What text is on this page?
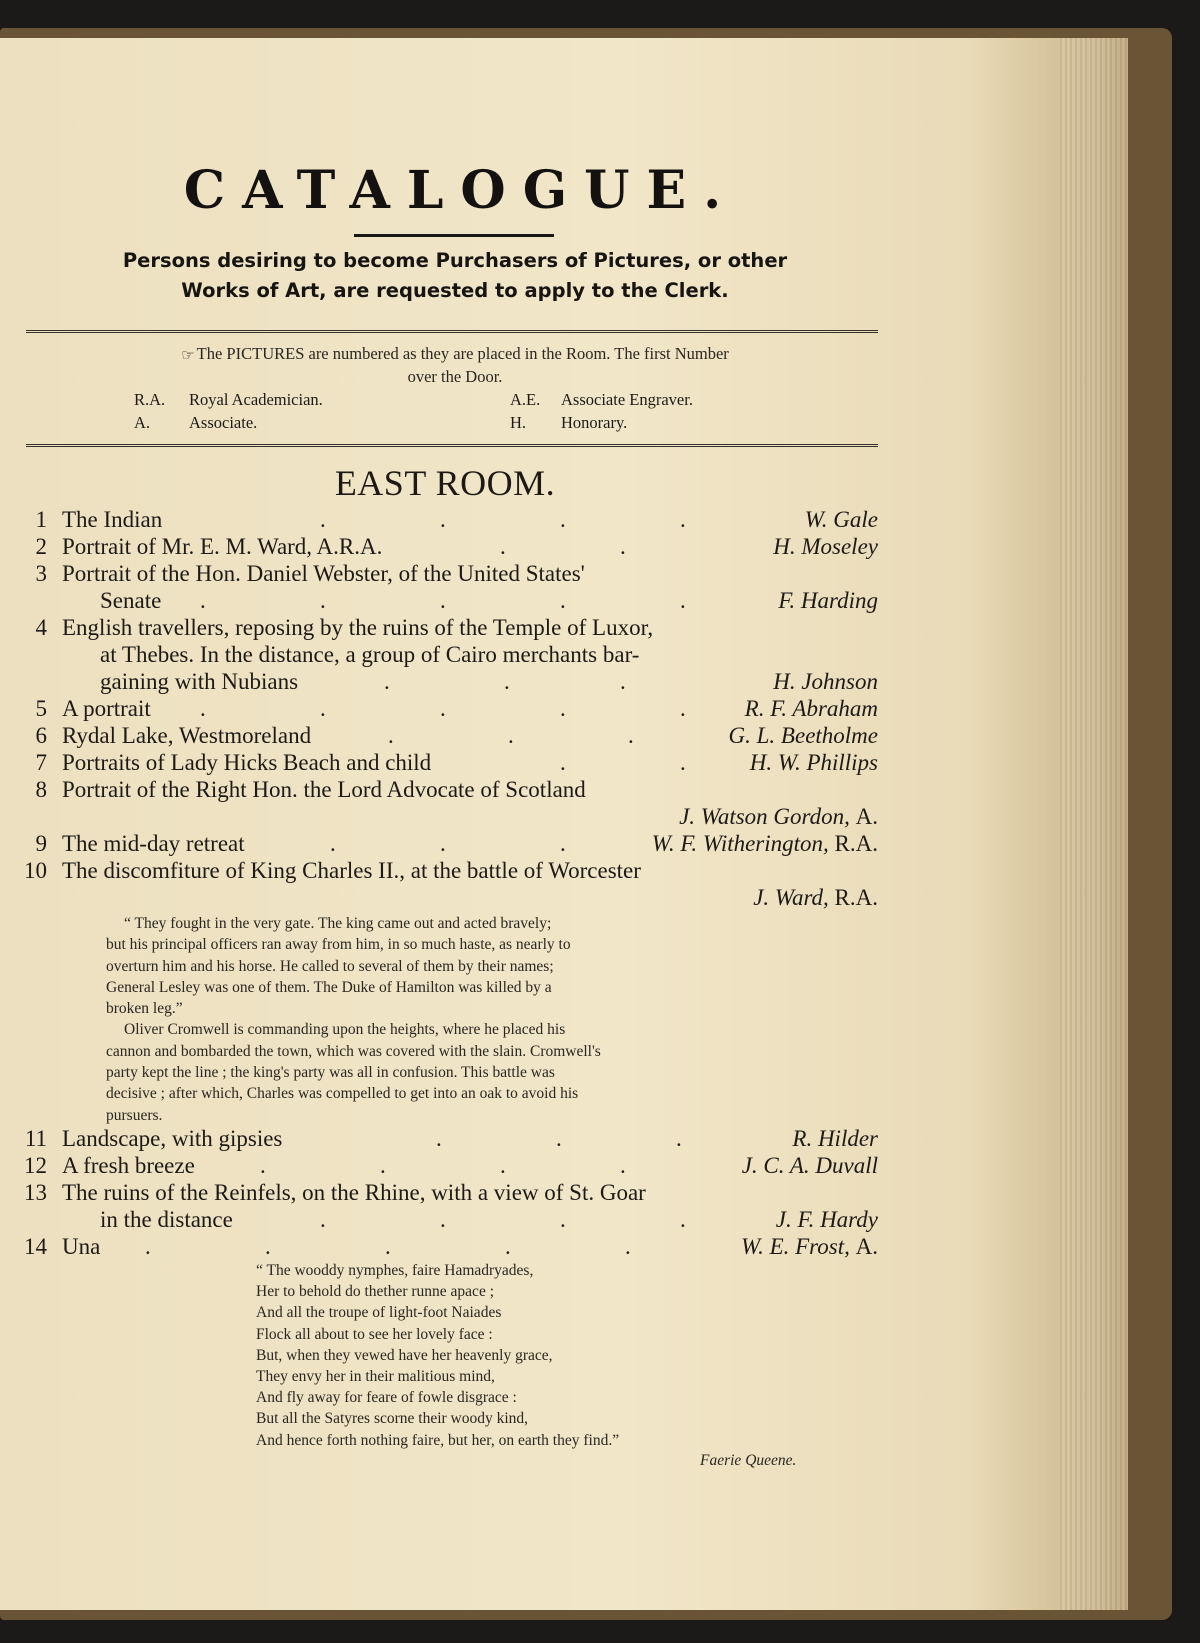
CATALOGUE.
Persons desiring to become Purchasers of Pictures, or other
Works of Art, are requested to apply to the Clerk.
☞ The PICTURES are numbered as they are placed in the Room. The first Number
over the Door.
R.A. Royal Academician.	A.E. Associate Engraver.
A. Associate.	H. Honorary.
EAST ROOM.
1 The Indian	.	.	.	.	W. Gale
2 Portrait of Mr. E. M. Ward, A.R.A.	.	.	H. Moseley
3 Portrait of the Hon. Daniel Webster, of the United States'
Senate .	.	.	.	.	F. Harding
4 English travellers, reposing by the ruins of the Temple of Luxor,
at Thebes. In the distance, a group of Cairo merchants bar-
gaining with Nubians	.	.	.	H. Johnson
5 A portrait .	.	.	.	.	R. F. Abraham
6 Rydal Lake, Westmoreland	.	.	.	G. L. Beetholme
7 Portraits of Lady Hicks Beach and child	.	.	H. W. Phillips
8 Portrait of the Right Hon. the Lord Advocate of Scotland
J. Watson Gordon, A.
9 The mid-day retreat	.	.	.	W. F. Witherington, R.A.
10 The discomfiture of King Charles II., at the battle of Worcester
J. Ward, R.A.

“ They fought in the very gate. The king came out and acted bravely;

but his principal officers ran away from him, in so much haste, as nearly to
overturn him and his horse. He called to several of them by their names;
General Lesley was one of them. The Duke of Hamilton was killed by a
broken leg.”

Oliver Cromwell is commanding upon the heights, where he placed his

cannon and bombarded the town, which was covered with the slain. Cromwell's
party kept the line ; the king's party was all in confusion. This battle was
decisive ; after which, Charles was compelled to get into an oak to avoid his
pursuers.
11 Landscape, with gipsies	.	.	.	R. Hilder
12 A fresh breeze	.	.	.	.	J. C. A. Duvall
13 The ruins of the Reinfels, on the Rhine, with a view of St. Goar
in the distance	.	.	.	.	J. F. Hardy
14 Una .	.	.	.	.	W. E. Frost, A.
“ The wooddy nymphes, faire Hamadryades,
Her to behold do thether runne apace ;
And all the troupe of light-foot Naiades
Flock all about to see her lovely face :
But, when they vewed have her heavenly grace,
They envy her in their malitious mind,
And fly away for feare of fowle disgrace :
But all the Satyres scorne their woody kind,
And hence forth nothing faire, but her, on earth they find.”
Faerie Queene.
